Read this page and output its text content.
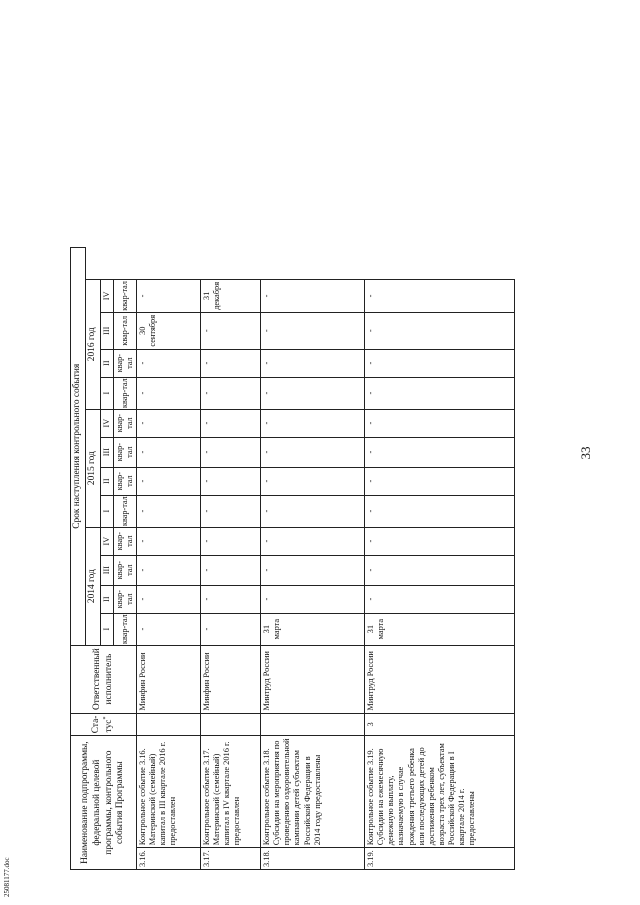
33
25081177.doc
Наименование подпрограммы, федеральной целевой программы, контрольного события Программы		Ста-тус*	Ответственный исполнитель	Срок наступления контрольного события											
				2014 год				2015 год				2016 год			
				I	II	III	IV	I	II	III	IV	I	II	III	IV
				квар-тал	квар-тал	квар-тал	квар-тал	квар-тал	квар-тал	квар-тал	квар-тал	квар-тал	квар-тал	квар-тал	квар-тал
3.16.	Контрольное событие 3.16. Материнский (семейный) капитал в III квартале 2016 г. предоставлен		Минфин России	-	-	-	-	-	-	-	-	-	-	30 сентября	-
3.17.	Контрольное событие 3.17. Материнский (семейный) капитал в IV квартале 2016 г. предоставлен		Минфин России	-	-	-	-	-	-	-	-	-	-	-	31 декабря
3.18.	Контрольное событие 3.18. Субсидии на мероприятия по проведению оздоровительной кампании детей субъектам Российской Федерации в 2014 году предоставлены		Минтруд России	31 марта	-	-	-	-	-	-	-	-	-	-	-
3.19.	Контрольное событие 3.19. Субсидии на ежемесячную денежную выплату, назначаемую в случае рождения третьего ребенка или последующих детей до достижения ребенком возраста трех лет, субъектам Российской Федерации в I квартале 2014 г. предоставлены	3	Минтруд России	31 марта	-	-	-	-	-	-	-	-	-	-	-
